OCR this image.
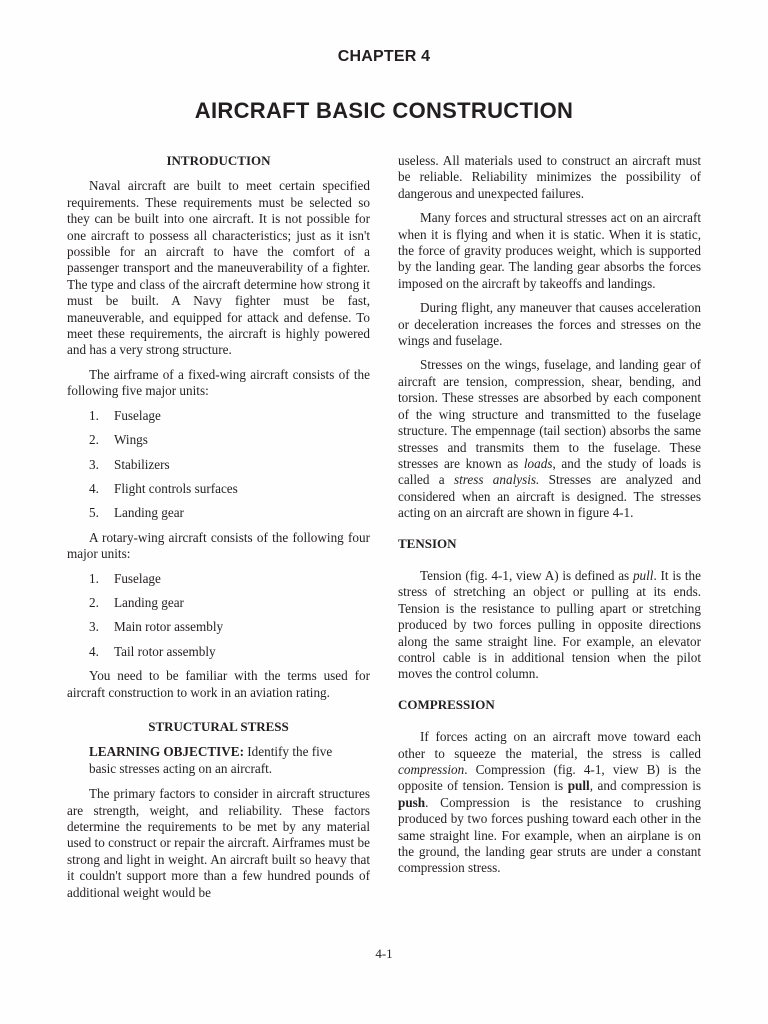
CHAPTER 4
AIRCRAFT BASIC CONSTRUCTION
INTRODUCTION

Naval aircraft are built to meet certain specified requirements. These requirements must be selected so they can be built into one aircraft. It is not possible for one aircraft to possess all characteristics; just as it isn't possible for an aircraft to have the comfort of a passenger transport and the maneuverability of a fighter. The type and class of the aircraft determine how strong it must be built. A Navy fighter must be fast, maneuverable, and equipped for attack and defense. To meet these requirements, the aircraft is highly powered and has a very strong structure.

The airframe of a fixed-wing aircraft consists of the following five major units:

1. Fuselage
2. Wings
3. Stabilizers
4. Flight controls surfaces
5. Landing gear

A rotary-wing aircraft consists of the following four major units:

1. Fuselage
2. Landing gear
3. Main rotor assembly
4. Tail rotor assembly

You need to be familiar with the terms used for aircraft construction to work in an aviation rating.

STRUCTURAL STRESS
LEARNING OBJECTIVE: Identify the five
basic stresses acting on an aircraft.

The primary factors to consider in aircraft structures are strength, weight, and reliability. These factors determine the requirements to be met by any material used to construct or repair the aircraft. Airframes must be strong and light in weight. An aircraft built so heavy that it couldn't support more than a few hundred pounds of additional weight would be

useless. All materials used to construct an aircraft must be reliable. Reliability minimizes the possibility of dangerous and unexpected failures.

Many forces and structural stresses act on an aircraft when it is flying and when it is static. When it is static, the force of gravity produces weight, which is supported by the landing gear. The landing gear absorbs the forces imposed on the aircraft by takeoffs and landings.

During flight, any maneuver that causes acceleration or deceleration increases the forces and stresses on the wings and fuselage.

Stresses on the wings, fuselage, and landing gear of aircraft are tension, compression, shear, bending, and torsion. These stresses are absorbed by each component of the wing structure and transmitted to the fuselage structure. The empennage (tail section) absorbs the same stresses and transmits them to the fuselage. These stresses are known as loads, and the study of loads is called a stress analysis. Stresses are analyzed and considered when an aircraft is designed. The stresses acting on an aircraft are shown in figure 4-1.

TENSION

Tension (fig. 4-1, view A) is defined as pull. It is the stress of stretching an object or pulling at its ends. Tension is the resistance to pulling apart or stretching produced by two forces pulling in opposite directions along the same straight line. For example, an elevator control cable is in additional tension when the pilot moves the control column.

COMPRESSION

If forces acting on an aircraft move toward each other to squeeze the material, the stress is called compression. Compression (fig. 4-1, view B) is the opposite of tension. Tension is pull, and compression is push. Compression is the resistance to crushing produced by two forces pushing toward each other in the same straight line. For example, when an airplane is on the ground, the landing gear struts are under a constant compression stress.

4-1
